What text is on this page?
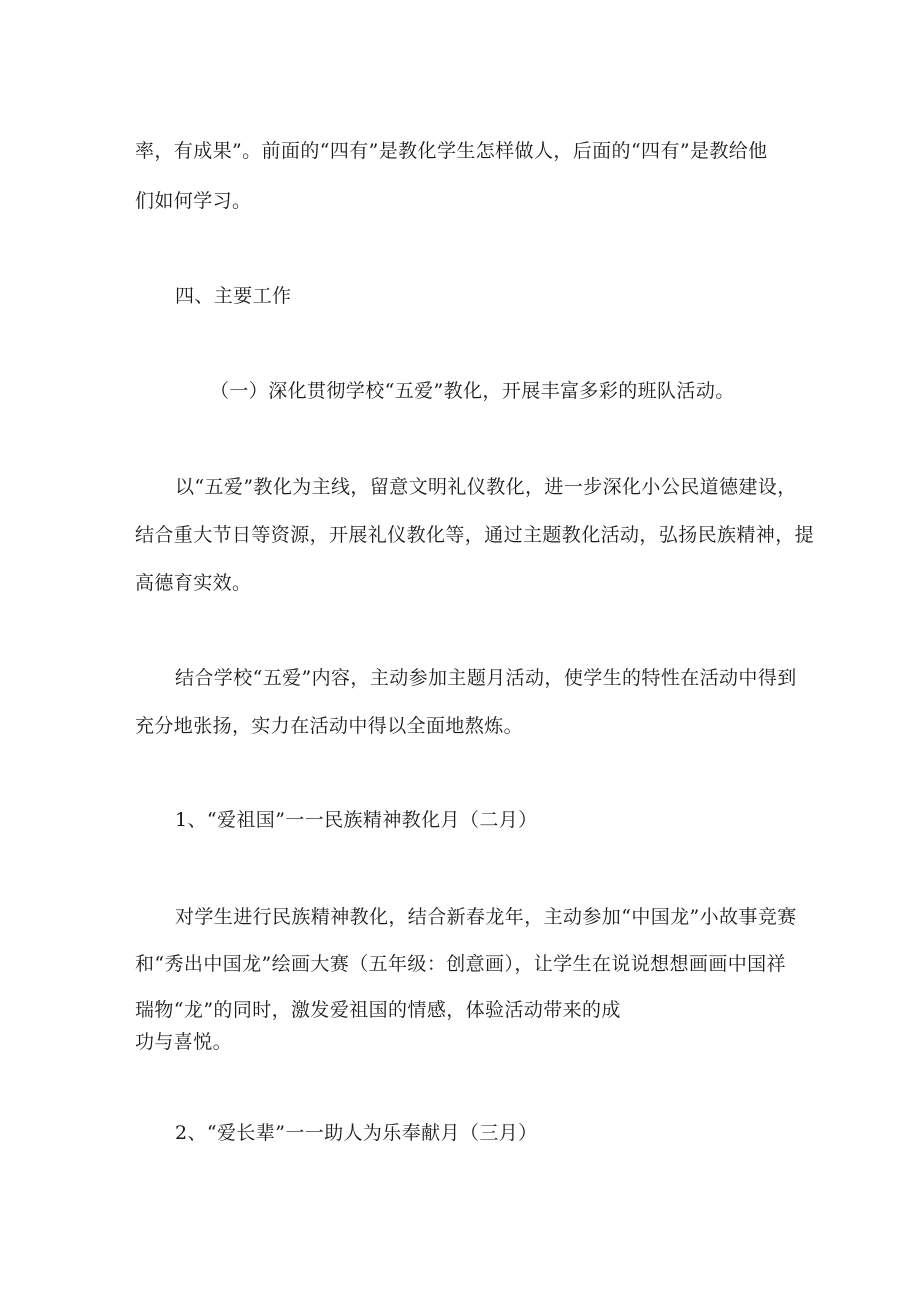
率，有成果”。前面的“四有”是教化学生怎样做人，后面的“四有”是教给他
们如何学习。
四、主要工作
（一）深化贯彻学校“五爱”教化，开展丰富多彩的班队活动。
以“五爱”教化为主线，留意文明礼仪教化，进一步深化小公民道德建设，
结合重大节日等资源，开展礼仪教化等，通过主题教化活动，弘扬民族精神，提
高德育实效。
结合学校“五爱”内容，主动参加主题月活动，使学生的特性在活动中得到
充分地张扬，实力在活动中得以全面地熬炼。
1、“爱祖国”一一民族精神教化月（二月）
对学生进行民族精神教化，结合新春龙年，主动参加“中国龙”小故事竞赛
和“秀出中国龙”绘画大赛（五年级：创意画），让学生在说说想想画画中国祥
瑞物“龙”的同时，激发爱祖国的情感，体验活动带来的成
功与喜悦。
2、“爱长辈”一一助人为乐奉献月（三月）
